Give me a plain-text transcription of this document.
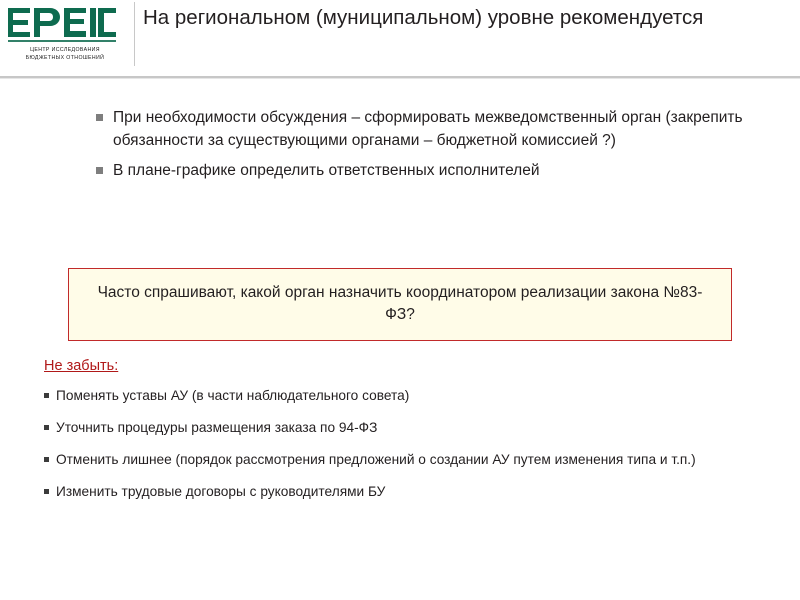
ЦЕНТР ИССЛЕДОВАНИЯ
БЮДЖЕТНЫХ ОТНОШЕНИЙ
На региональном (муниципальном) уровне рекомендуется
При необходимости обсуждения – сформировать межведомственный орган (закрепить обязанности за существующими органами – бюджетной комиссией ?)
В плане-графике определить ответственных исполнителей
Часто спрашивают, какой орган назначить координатором реализации закона №83-ФЗ?
Не забыть:
Поменять уставы АУ (в части наблюдательного совета)
Уточнить процедуры размещения заказа по 94-ФЗ
Отменить лишнее (порядок рассмотрения предложений о создании АУ путем изменения типа и т.п.)
Изменить трудовые договоры с руководителями БУ
